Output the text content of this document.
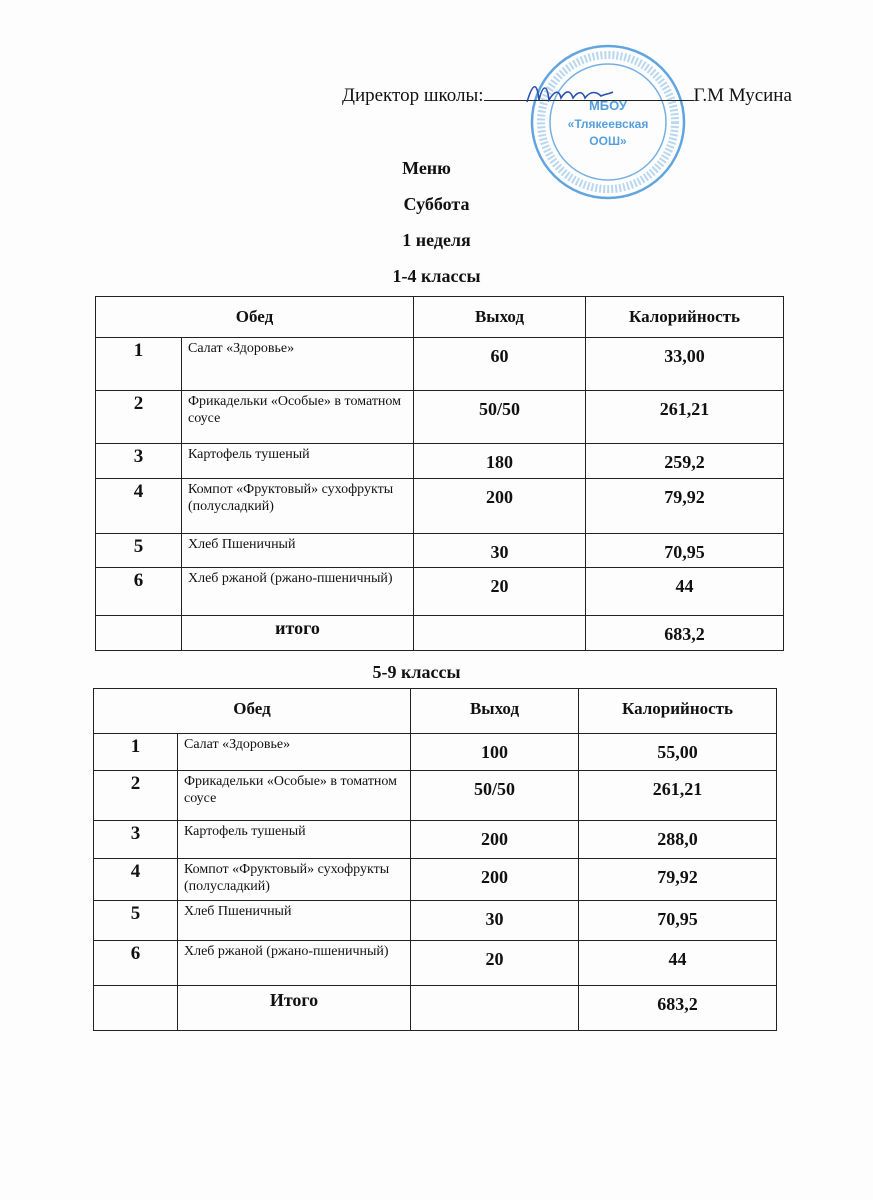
МБОУ
«Тлякеевская
ООШ»
Директор школы:	Г.М Мусина
Меню
Суббота
1 неделя
1-4 классы
Обед		Выход	Калорийность
1	Салат «Здоровье»	60	33,00
2	Фрикадельки «Особые» в томатном соусе	50/50	261,21
3	Картофель тушеный	180	259,2
4	Компот «Фруктовый» сухофрукты (полусладкий)	200	79,92
5	Хлеб Пшеничный	30	70,95
6	Хлеб ржаной (ржано-пшеничный)	20	44
	итого		683,2
5-9 классы
Обед		Выход	Калорийность
1	Салат «Здоровье»	100	55,00
2	Фрикадельки «Особые» в томатном соусе	50/50	261,21
3	Картофель тушеный	200	288,0
4	Компот «Фруктовый» сухофрукты (полусладкий)	200	79,92
5	Хлеб Пшеничный	30	70,95
6	Хлеб ржаной (ржано-пшеничный)	20	44
	Итого		683,2
